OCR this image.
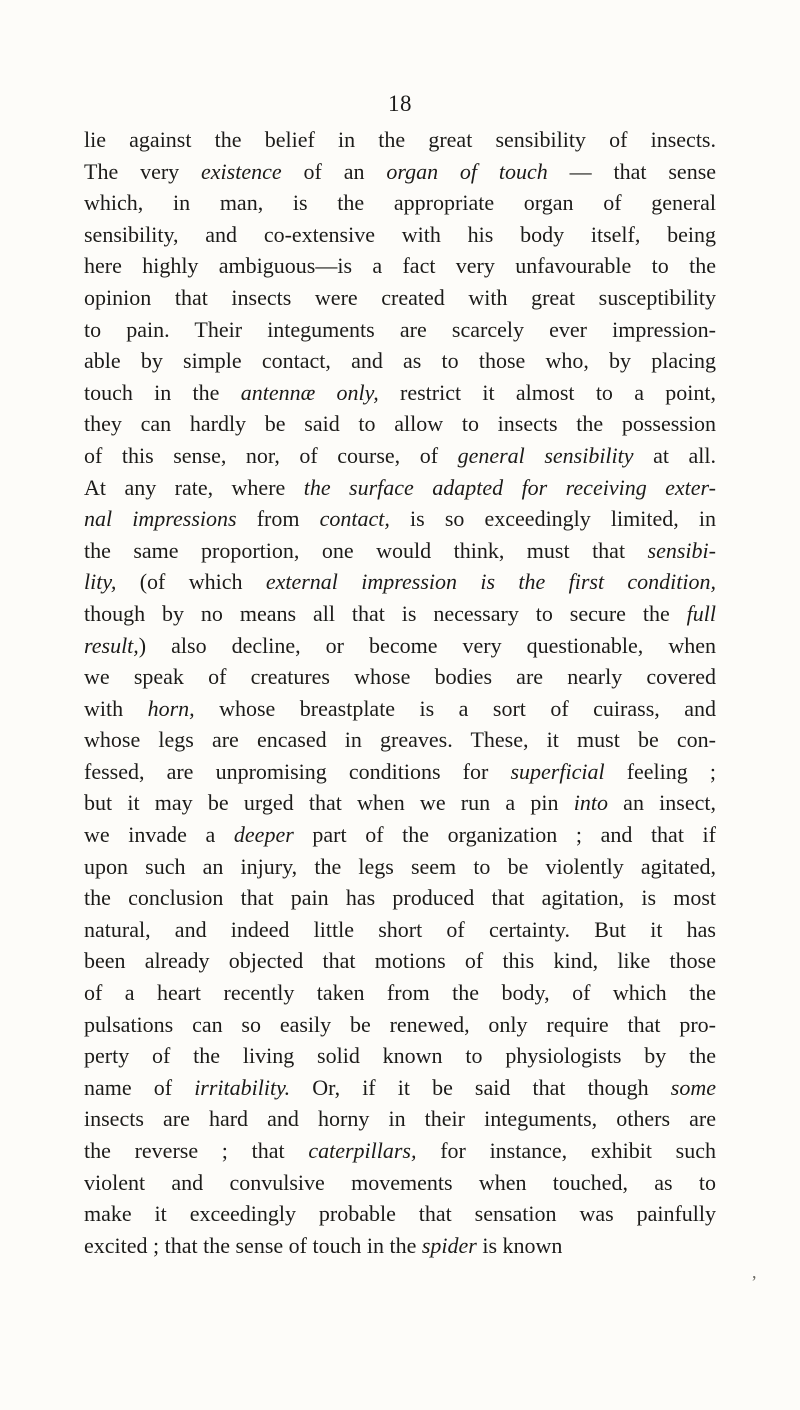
18
lie against the belief in the great sensibility of insects.
The very existence of an organ of touch — that sense
which, in man, is the appropriate organ of general
sensibility, and co-extensive with his body itself, being
here highly ambiguous—is a fact very unfavourable to the
opinion that insects were created with great susceptibility
to pain. Their integuments are scarcely ever impression-
able by simple contact, and as to those who, by placing
touch in the antennæ only, restrict it almost to a point,
they can hardly be said to allow to insects the possession
of this sense, nor, of course, of general sensibility at all.
At any rate, where the surface adapted for receiving exter-
nal impressions from contact, is so exceedingly limited, in
the same proportion, one would think, must that sensibi-
lity, (of which external impression is the first condition,
though by no means all that is necessary to secure the full
result,) also decline, or become very questionable, when
we speak of creatures whose bodies are nearly covered
with horn, whose breastplate is a sort of cuirass, and
whose legs are encased in greaves. These, it must be con-
fessed, are unpromising conditions for superficial feeling ;
but it may be urged that when we run a pin into an insect,
we invade a deeper part of the organization ; and that if
upon such an injury, the legs seem to be violently agitated,
the conclusion that pain has produced that agitation, is most
natural, and indeed little short of certainty. But it has
been already objected that motions of this kind, like those
of a heart recently taken from the body, of which the
pulsations can so easily be renewed, only require that pro-
perty of the living solid known to physiologists by the
name of irritability. Or, if it be said that though some
insects are hard and horny in their integuments, others are
the reverse ; that caterpillars, for instance, exhibit such
violent and convulsive movements when touched, as to
make it exceedingly probable that sensation was painfully
excited ; that the sense of touch in the spider is known
,
